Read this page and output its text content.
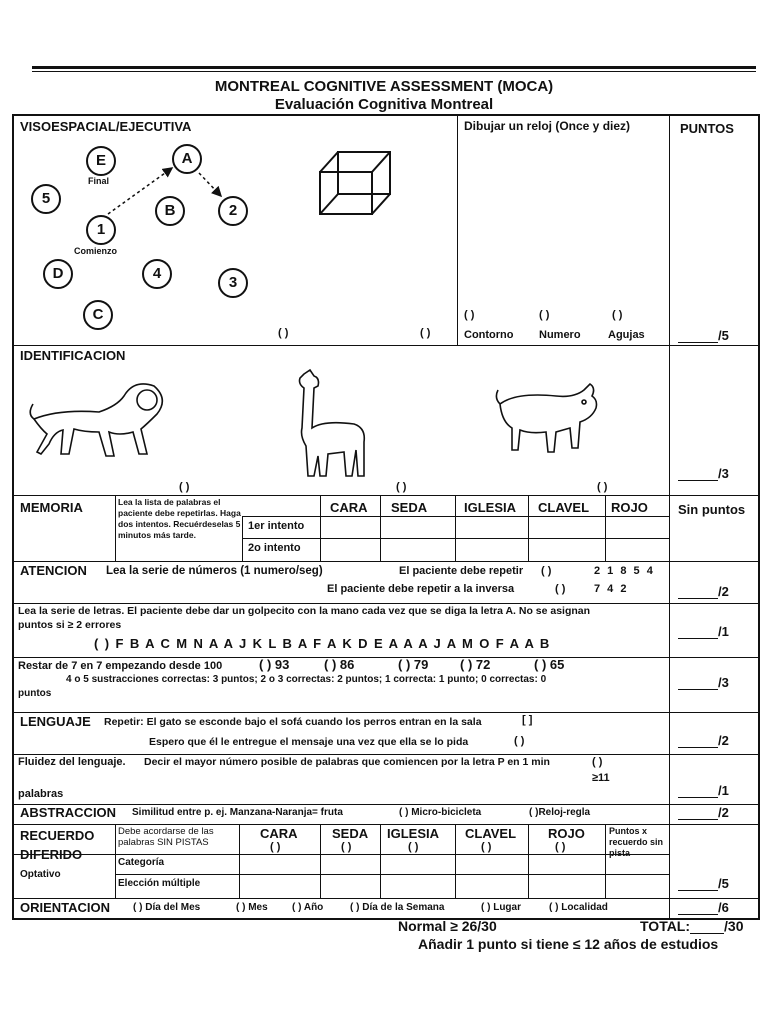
MONTREAL COGNITIVE ASSESSMENT (MOCA)
Evaluación Cognitiva Montreal
VISOESPACIAL/EJECUTIVA	Dibujar un reloj (Once y diez)	PUNTOS
E	A
5
B	2
1
D	4
3
C
Final
Comienzo
( )	( )
( )	( )	( )
Contorno Numero Agujas	/5
IDENTIFICACION
( )	( )	( )
/3
MEMORIA	Lea la lista de palabras el paciente debe repetirlas. Haga dos intentos. Recuérdeselas 5 minutos más tarde.
CARA SEDA	IGLESIA CLAVEL ROJO
1er intento
2o intento
Sin puntos
ATENCION Lea la serie de números (1 numero/seg)	El paciente debe repetir ( )	2 1 8 5 4
El paciente debe repetir a la inversa	( )	7 4 2	/2
Lea la serie de letras. El paciente debe dar un golpecito con la mano cada vez que se diga la letra A. No se asignan
puntos si ≥ 2 errores
( ) F B A C M N A A J K L B A F A K D E A A A J A M O F A A B
/1
Restar de 7 en 7 empezando desde 100	( ) 93	( ) 86	( ) 79 ( ) 72	( ) 65
4 o 5 sustracciones correctas: 3 puntos; 2 o 3 correctas: 2 puntos; 1 correcta: 1 punto; 0 correctas: 0
puntos
/3
LENGUAJE Repetir: El gato se esconde bajo el sofá cuando los perros entran en la sala	[ ]
Espero que él le entregue el mensaje una vez que ella se lo pida	( )	/2
Fluidez del lenguaje. Decir el mayor número posible de palabras que comiencen por la letra P en 1 min	( )
≥11
palabras	/1
ABSTRACCION Similitud entre p. ej. Manzana-Naranja= fruta	( ) Micro-bicicleta	( )Reloj-regla	/2
RECUERDO
DIFERIDO
Debe acordarse de las palabras SIN PISTAS
CARA	SEDA IGLESIA CLAVEL ROJO
( )	( )	( )	( )	( )
Puntos x recuerdo sin pista
Optativo
Categoría
Elección múltiple	/5
ORIENTACION ( ) Día del Mes	( ) Mes ( ) Año	( ) Día de la Semana	( ) Lugar	( ) Localidad	/6
Normal ≥ 26/30	TOTAL: /30
Añadir 1 punto si tiene ≤ 12 años de estudios
